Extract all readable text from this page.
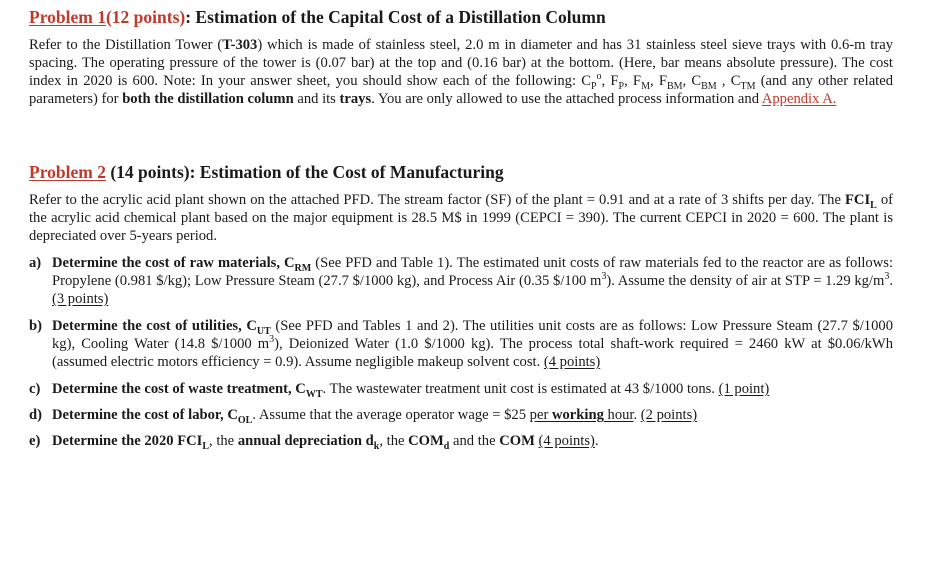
Problem 1(12 points): Estimation of the Capital Cost of a Distillation Column
Refer to the Distillation Tower (T-303) which is made of stainless steel, 2.0 m in diameter and has 31 stainless steel sieve trays with 0.6-m tray spacing. The operating pressure of the tower is (0.07 bar) at the top and (0.16 bar) at the bottom. (Here, bar means absolute pressure). The cost index in 2020 is 600. Note: In your answer sheet, you should show each of the following: $C_P^o$, $F_P$, $F_M$, $F_{BM}$, $C_{BM}$ , $C_{TM}$ (and any other related parameters) for both the distillation column and its trays. You are only allowed to use the attached process information and Appendix A.
Problem 2 (14 points): Estimation of the Cost of Manufacturing
Refer to the acrylic acid plant shown on the attached PFD. The stream factor (SF) of the plant = 0.91 and at a rate of 3 shifts per day. The $FCI_L$ of the acrylic acid chemical plant based on the major equipment is 28.5 M$ in 1999 (CEPCI = 390). The current CEPCI in 2020 = 600. The plant is depreciated over 5-years period.
a) Determine the cost of raw materials, $C_{RM}$ (See PFD and Table 1). The estimated unit costs of raw materials fed to the reactor are as follows: Propylene (0.981 $/kg); Low Pressure Steam (27.7 $/1000 kg), and Process Air (0.35 $/100 $m^3$). Assume the density of air at STP = 1.29 $kg/m^3$. (3 points)
b) Determine the cost of utilities, $C_{UT}$ (See PFD and Tables 1 and 2). The utilities unit costs are as follows: Low Pressure Steam (27.7 $/1000 kg), Cooling Water (14.8 $/1000 $m^3$), Deionized Water (1.0 $/1000 kg). The process total shaft-work required = 2460 kW at $0.06/kWh (assumed electric motors efficiency = 0.9). Assume negligible makeup solvent cost. (4 points)
c) Determine the cost of waste treatment, $C_{WT}$. The wastewater treatment unit cost is estimated at 43 $/1000 tons. (1 point)
d) Determine the cost of labor, $C_{OL}$. Assume that the average operator wage = $25 per working hour. (2 points)
e) Determine the 2020 $FCI_L$, the annual depreciation $d_k$, the $COM_d$ and the COM (4 points).
